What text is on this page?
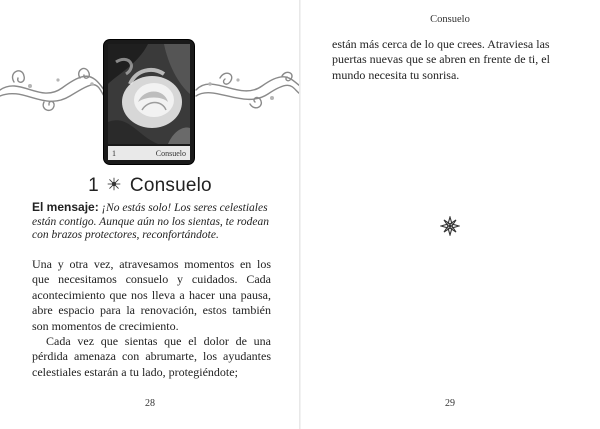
1	Consuelo
1 Consuelo
El mensaje: ¡No estás solo! Los seres celestiales están contigo. Aunque aún no los sientas, te rodean con brazos protectores, reconfortándote.

Una y otra vez, atravesamos momentos en los que necesitamos consuelo y cuidados. Cada acontecimiento que nos lleva a hacer una pausa, abre espacio para la renovación, estos también son momentos de crecimiento.

Cada vez que sientas que el dolor de una pérdida amenaza con abrumarte, los ayudantes celestiales estarán a tu lado, protegiéndote;

28
Consuelo
están más cerca de lo que crees. Atraviesa las puertas nuevas que se abren en frente de ti, el mundo necesita tu sonrisa.
29
